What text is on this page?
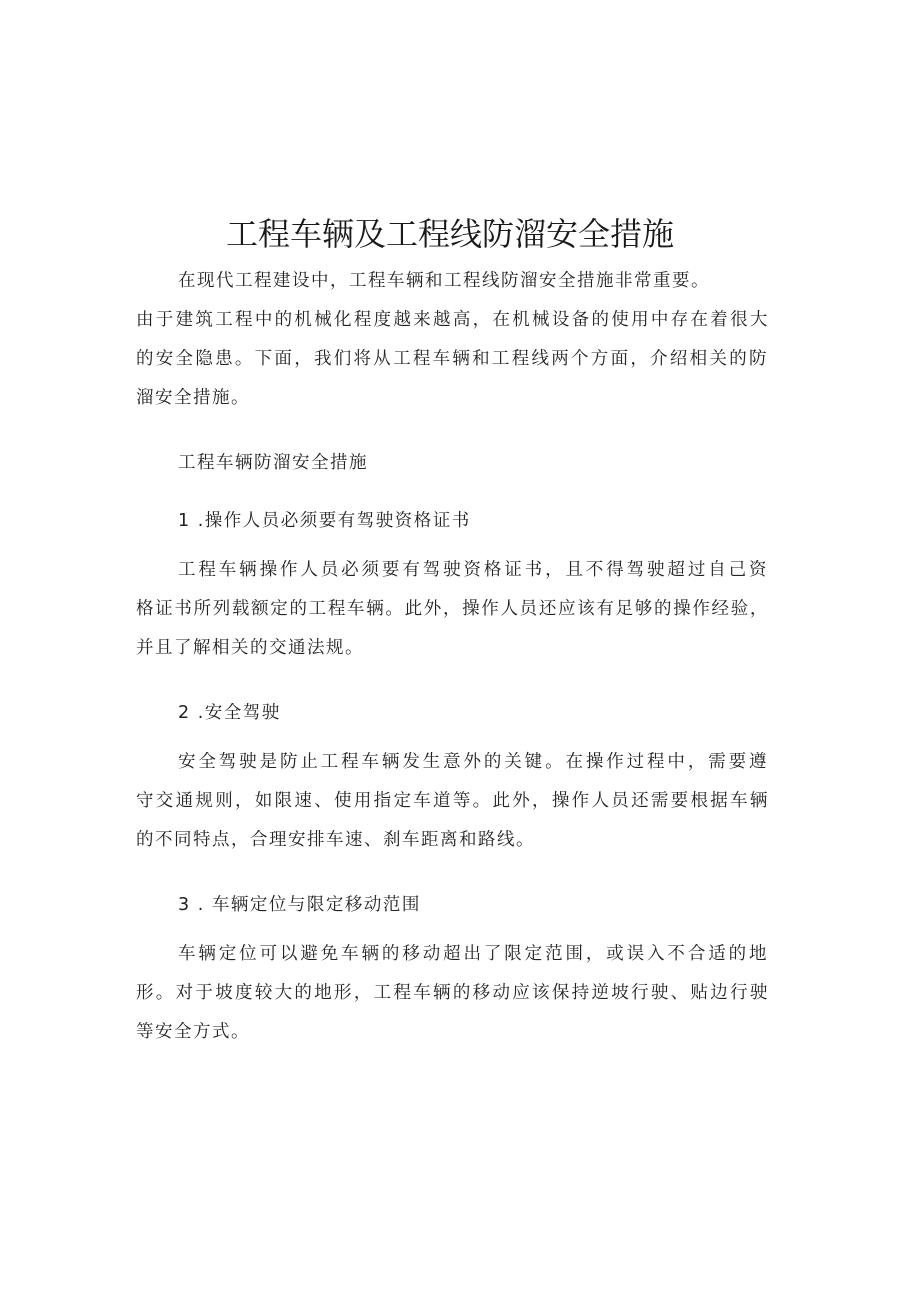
工程车辆及工程线防溜安全措施
在现代工程建设中，工程车辆和工程线防溜安全措施非常重要。
由于建筑工程中的机械化程度越来越高，在机械设备的使用中存在着很大
的安全隐患。下面，我们将从工程车辆和工程线两个方面，介绍相关的防
溜安全措施。
工程车辆防溜安全措施
1 .操作人员必须要有驾驶资格证书
工程车辆操作人员必须要有驾驶资格证书，且不得驾驶超过自己资
格证书所列载额定的工程车辆。此外，操作人员还应该有足够的操作经验，
并且了解相关的交通法规。
2 .安全驾驶
安全驾驶是防止工程车辆发生意外的关键。在操作过程中，需要遵
守交通规则，如限速、使用指定车道等。此外，操作人员还需要根据车辆
的不同特点，合理安排车速、刹车距离和路线。
3 . 车辆定位与限定移动范围
车辆定位可以避免车辆的移动超出了限定范围，或误入不合适的地
形。对于坡度较大的地形，工程车辆的移动应该保持逆坡行驶、贴边行驶
等安全方式。
